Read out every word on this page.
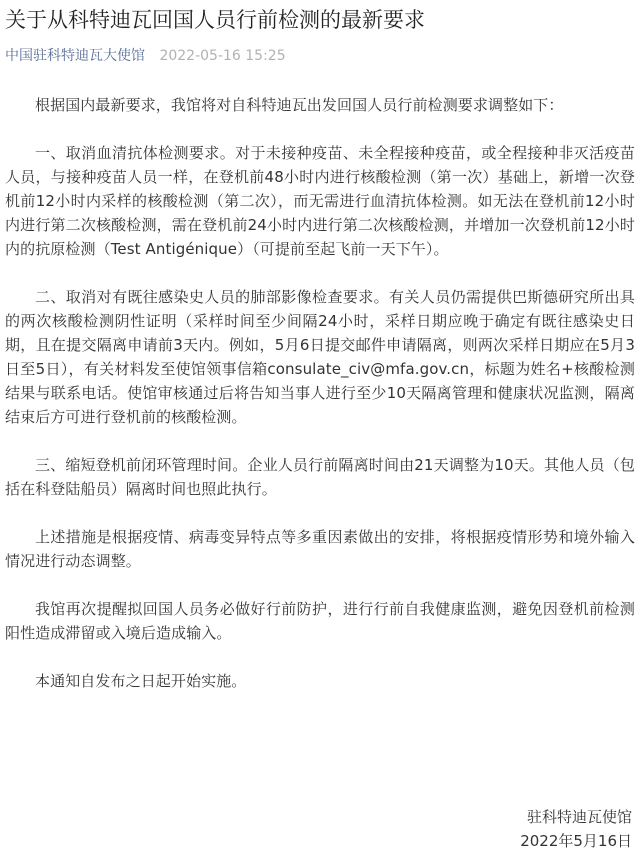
关于从科特迪瓦回国人员行前检测的最新要求
中国驻科特迪瓦大使馆 2022-05-16 15:25

根据国内最新要求，我馆将对自科特迪瓦出发回国人员行前检测要求调整如下：

一、取消血清抗体检测要求。对于未接种疫苗、未全程接种疫苗，或全程接种非灭活疫苗人员，与接种疫苗人员一样，在登机前48小时内进行核酸检测（第一次）基础上，新增一次登机前12小时内采样的核酸检测（第二次），而无需进行血清抗体检测。如无法在登机前12小时内进行第二次核酸检测，需在登机前24小时内进行第二次核酸检测，并增加一次登机前12小时内的抗原检测（Test Antigénique）（可提前至起飞前一天下午）。

二、取消对有既往感染史人员的肺部影像检查要求。有关人员仍需提供巴斯德研究所出具的两次核酸检测阴性证明（采样时间至少间隔24小时，采样日期应晚于确定有既往感染史日期，且在提交隔离申请前3天内。例如，5月6日提交邮件申请隔离，则两次采样日期应在5月3日至5日），有关材料发至使馆领事信箱consulate_civ@mfa.gov.cn，标题为姓名+核酸检测结果与联系电话。使馆审核通过后将告知当事人进行至少10天隔离管理和健康状况监测，隔离结束后方可进行登机前的核酸检测。

三、缩短登机前闭环管理时间。企业人员行前隔离时间由21天调整为10天。其他人员（包括在科登陆船员）隔离时间也照此执行。

上述措施是根据疫情、病毒变异特点等多重因素做出的安排，将根据疫情形势和境外输入情况进行动态调整。

我馆再次提醒拟回国人员务必做好行前防护，进行行前自我健康监测，避免因登机前检测阳性造成滞留或入境后造成输入。

本通知自发布之日起开始实施。

驻科特迪瓦使馆
2022年5月16日
